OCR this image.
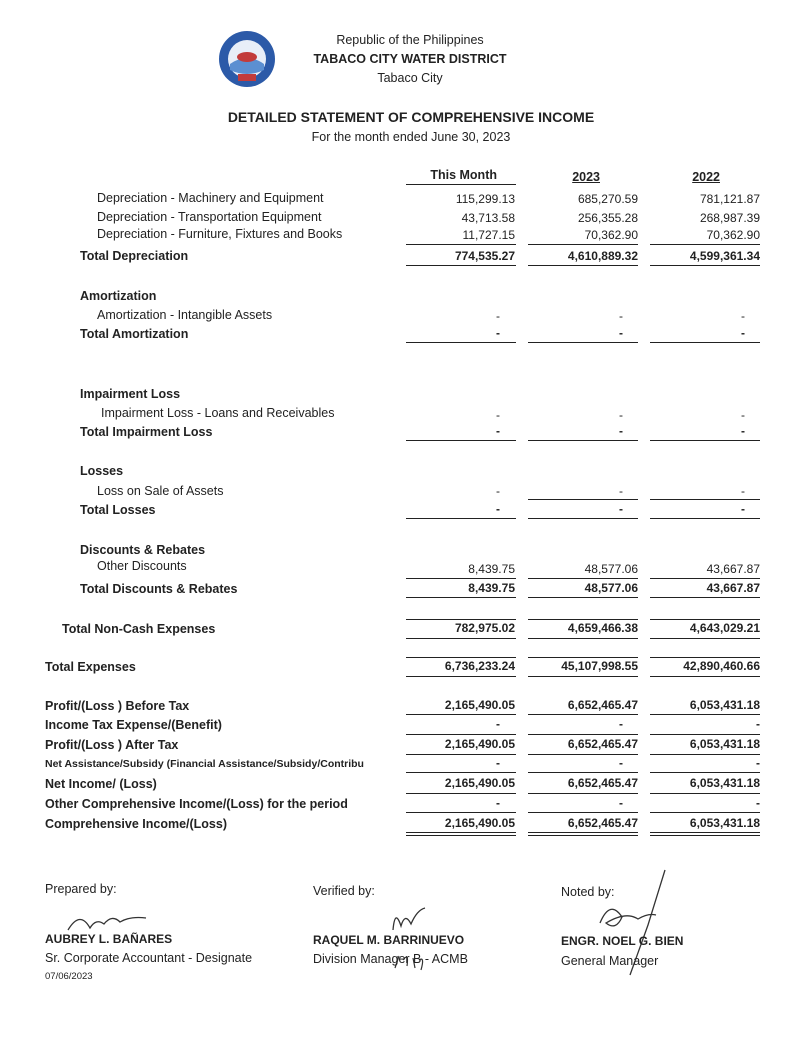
Republic of the Philippines
TABACO CITY WATER DISTRICT
Tabaco City
DETAILED STATEMENT OF COMPREHENSIVE INCOME
For the month ended June 30, 2023
This Month	2023	2022
Depreciation - Machinery and Equipment	115,299.13	685,270.59	781,121.87
Depreciation - Transportation Equipment	43,713.58	256,355.28	268,987.39
Depreciation - Furniture, Fixtures and Books	11,727.15	70,362.90	70,362.90
Total Depreciation	774,535.27	4,610,889.32	4,599,361.34
Amortization
Amortization - Intangible Assets	-	-	-
Total Amortization	-	-	-
Impairment Loss
Impairment Loss - Loans and Receivables	-	-	-
Total Impairment Loss	-	-	-
Losses
Loss on Sale of Assets	-	-	-
Total Losses	-	-	-
Discounts & Rebates
Other Discounts	8,439.75	48,577.06	43,667.87
Total Discounts & Rebates	8,439.75	48,577.06	43,667.87
Total Non-Cash Expenses	782,975.02	4,659,466.38	4,643,029.21
Total Expenses	6,736,233.24	45,107,998.55	42,890,460.66
Profit/(Loss ) Before Tax	2,165,490.05	6,652,465.47	6,053,431.18
Income Tax Expense/(Benefit)	-	-	-
Profit/(Loss ) After Tax	2,165,490.05	6,652,465.47	6,053,431.18
Net Assistance/Subsidy (Financial Assistance/Subsidy/Contribu	-	-	-
Net Income/ (Loss)	2,165,490.05	6,652,465.47	6,053,431.18
Other Comprehensive Income/(Loss) for the period	-	-	-
Comprehensive Income/(Loss)	2,165,490.05	6,652,465.47	6,053,431.18
Prepared by:	Verified by:	Noted by:
AUBREY L. BAÑARES	RAQUEL M. BARRINUEVO	ENGR. NOEL G. BIEN
Sr. Corporate Accountant - Designate	Division Manager B - ACMB	General Manager
07/06/2023
